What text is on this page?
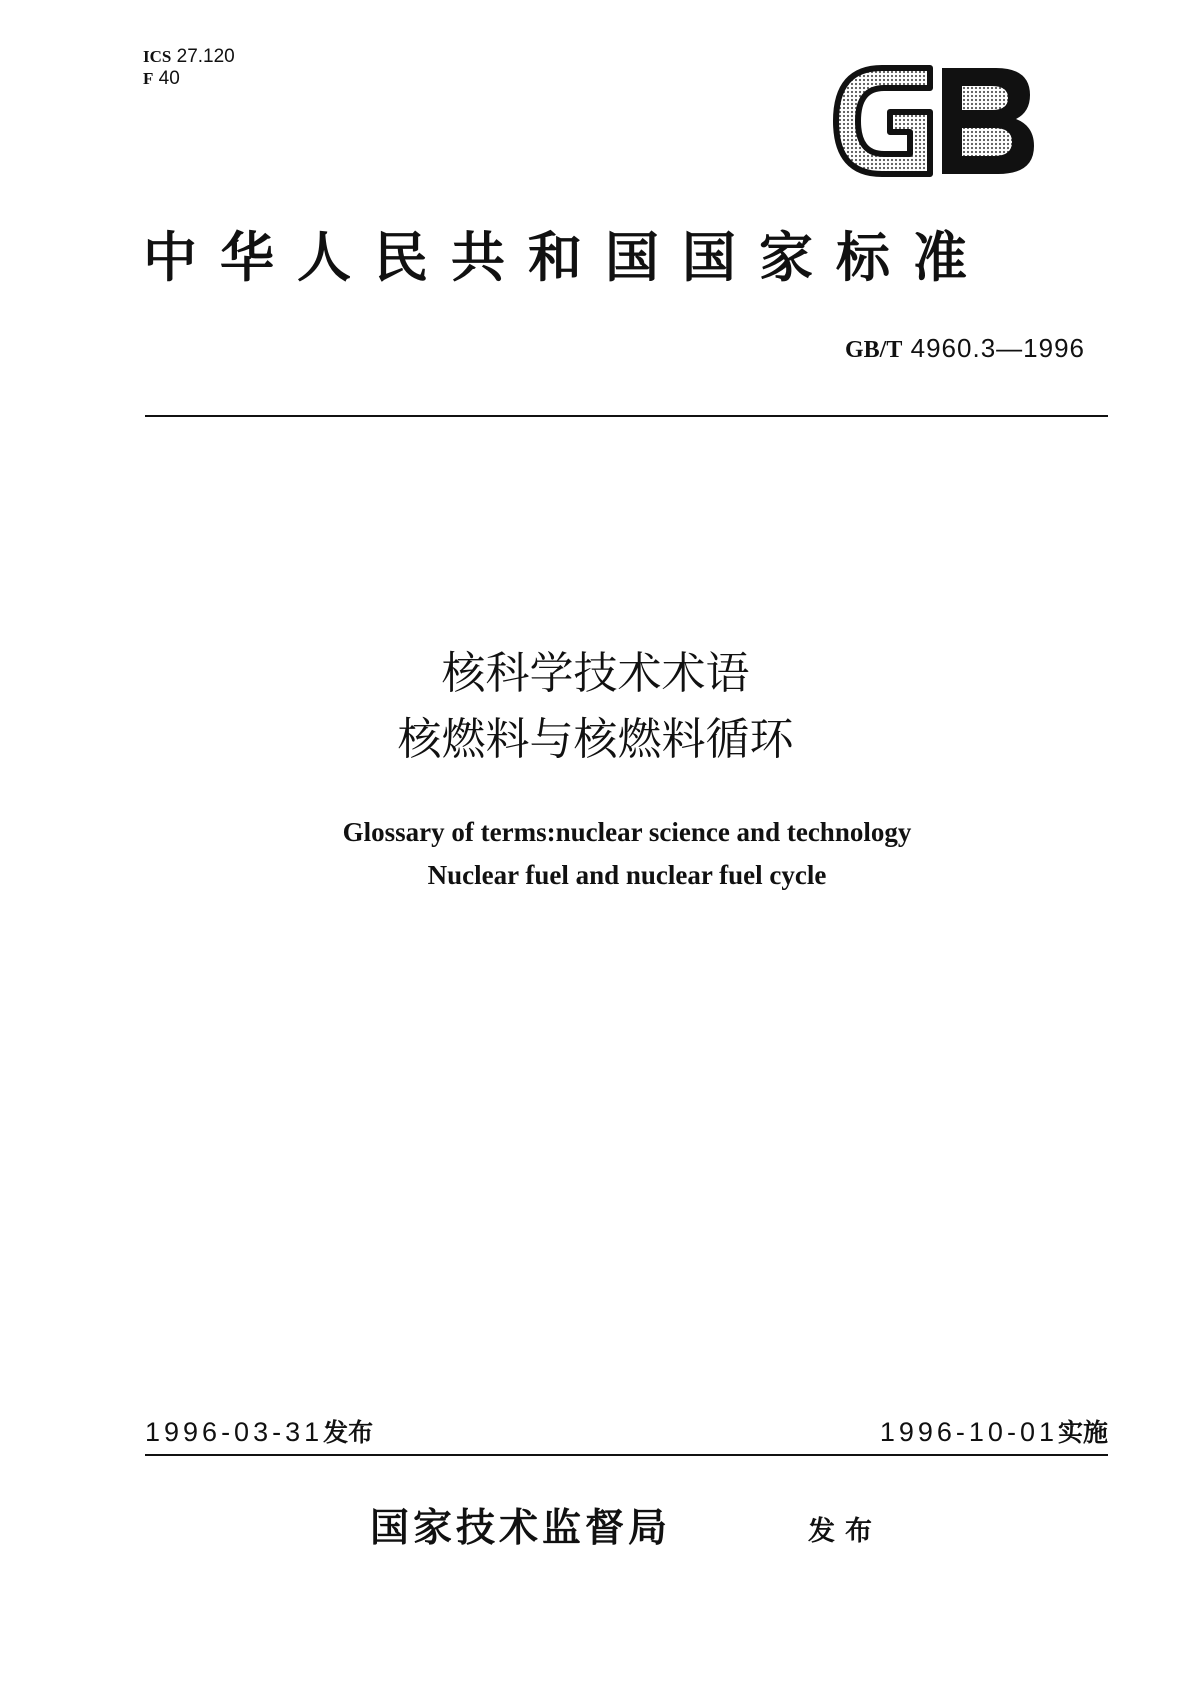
ICS 27.120
F 40
中华人民共和国国家标准
GB/T 4960.3—1996
核科学技术术语
核燃料与核燃料循环
Glossary of terms:nuclear science and technology
Nuclear fuel and nuclear fuel cycle
1996-03-31发布	1996-10-01实施
国家技术监督局	发布
